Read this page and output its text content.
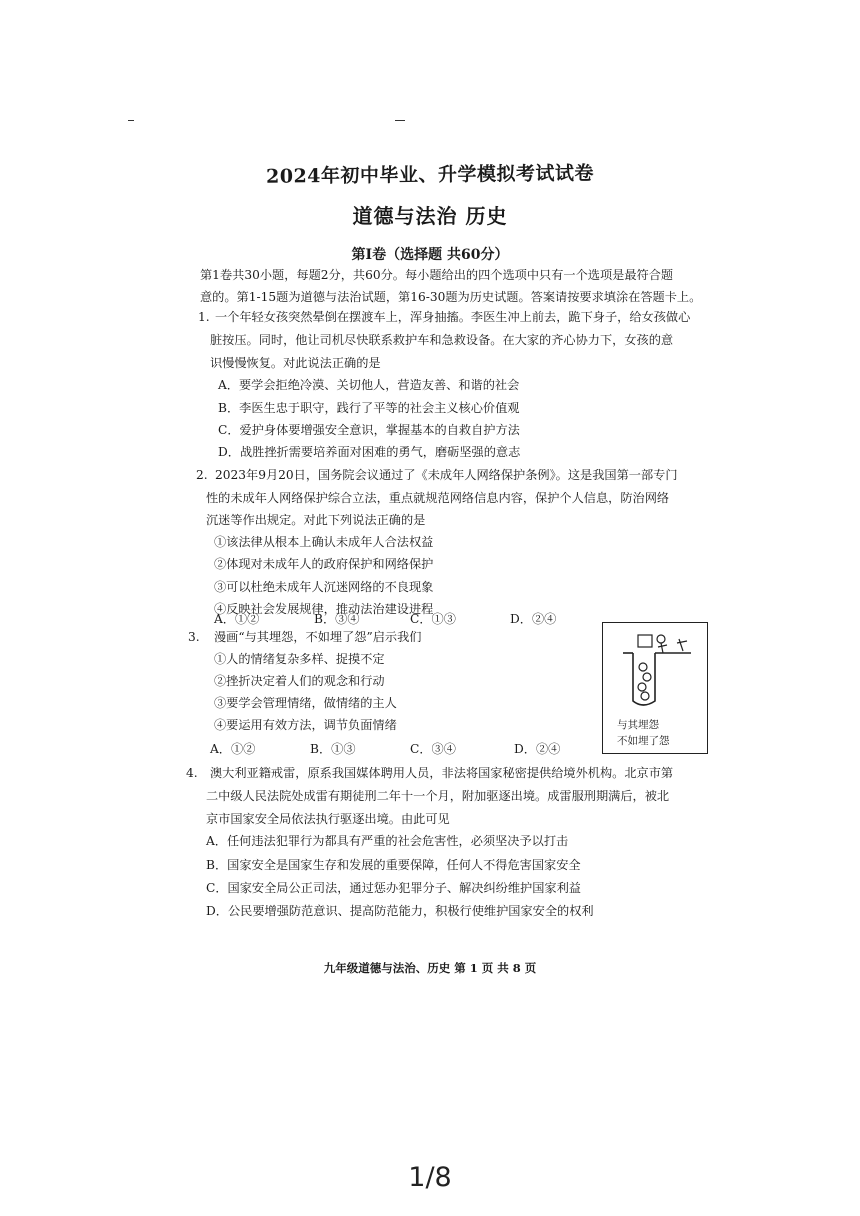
2024年初中毕业、升学模拟考试试卷
道德与法治 历史
第Ⅰ卷（选择题 共60分）
第1卷共30小题，每题2分，共60分。每小题给出的四个选项中只有一个选项是最符合题
意的。第1-15题为道德与法治试题，第16-30题为历史试题。答案请按要求填涂在答题卡上。
1. 一个年轻女孩突然晕倒在摆渡车上，浑身抽搐。李医生冲上前去，跪下身子，给女孩做心
脏按压。同时，他让司机尽快联系救护车和急救设备。在大家的齐心协力下，女孩的意
识慢慢恢复。对此说法正确的是
A．要学会拒绝冷漠、关切他人，营造友善、和谐的社会
B．李医生忠于职守，践行了平等的社会主义核心价值观
C．爱护身体要增强安全意识，掌握基本的自救自护方法
D．战胜挫折需要培养面对困难的勇气，磨砺坚强的意志
2. 2023年9月20日，国务院会议通过了《未成年人网络保护条例》。这是我国第一部专门
性的未成年人网络保护综合立法，重点就规范网络信息内容，保护个人信息，防治网络
沉迷等作出规定。对此下列说法正确的是
①该法律从根本上确认未成年人合法权益
②体现对未成年人的政府保护和网络保护
③可以杜绝未成年人沉迷网络的不良现象
④反映社会发展规律，推动法治建设进程
A．①②	B．③④	C．①③	D．②④
3. 漫画“与其埋怨，不如埋了怨”启示我们
①人的情绪复杂多样、捉摸不定
②挫折决定着人们的观念和行动
③要学会管理情绪，做情绪的主人
④要运用有效方法，调节负面情绪
A．①②	B．①③	C．③④	D．②④
与其埋怨
不如埋了怨
4. 澳大利亚籍戒雷，原系我国媒体聘用人员，非法将国家秘密提供给境外机构。北京市第
二中级人民法院处成雷有期徒刑二年十一个月，附加驱逐出境。成雷服刑期满后，被北
京市国家安全局依法执行驱逐出境。由此可见
A．任何违法犯罪行为都具有严重的社会危害性，必须坚决予以打击
B．国家安全是国家生存和发展的重要保障，任何人不得危害国家安全
C．国家安全局公正司法，通过惩办犯罪分子、解决纠纷维护国家利益
D．公民要增强防范意识、提高防范能力，积极行使维护国家安全的权利
九年级道德与法治、历史 第 1 页 共 8 页
1/8
